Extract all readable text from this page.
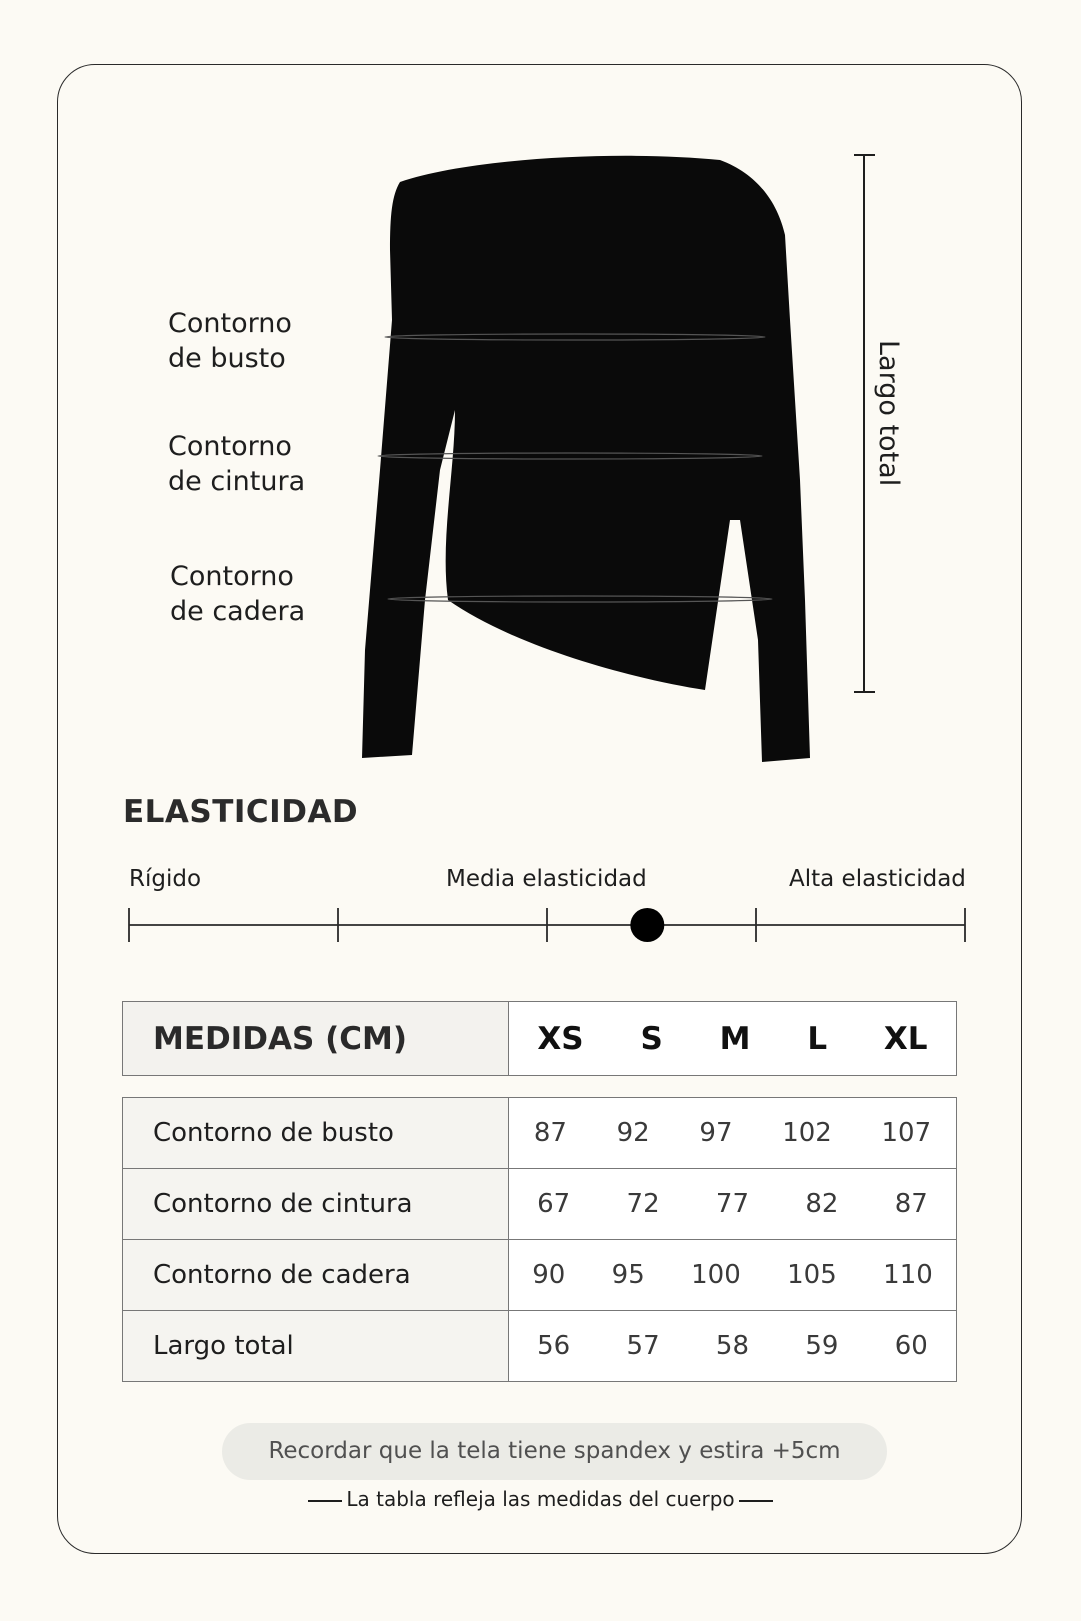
Contorno
de busto
Contorno
de cintura
Contorno
de cadera
Largo total
ELASTICIDAD
Rígido	Media elasticidad	Alta elasticidad
MEDIDAS (CM)	XS S M L XL
Contorno de busto	87 92 97 102 107

Contorno de cintura	67 72 77 82 87

Contorno de cadera	90 95 100 105 110

Largo total	56 57 58 59 60
Recordar que la tela tiene spandex y estira +5cm
La tabla refleja las medidas del cuerpo
